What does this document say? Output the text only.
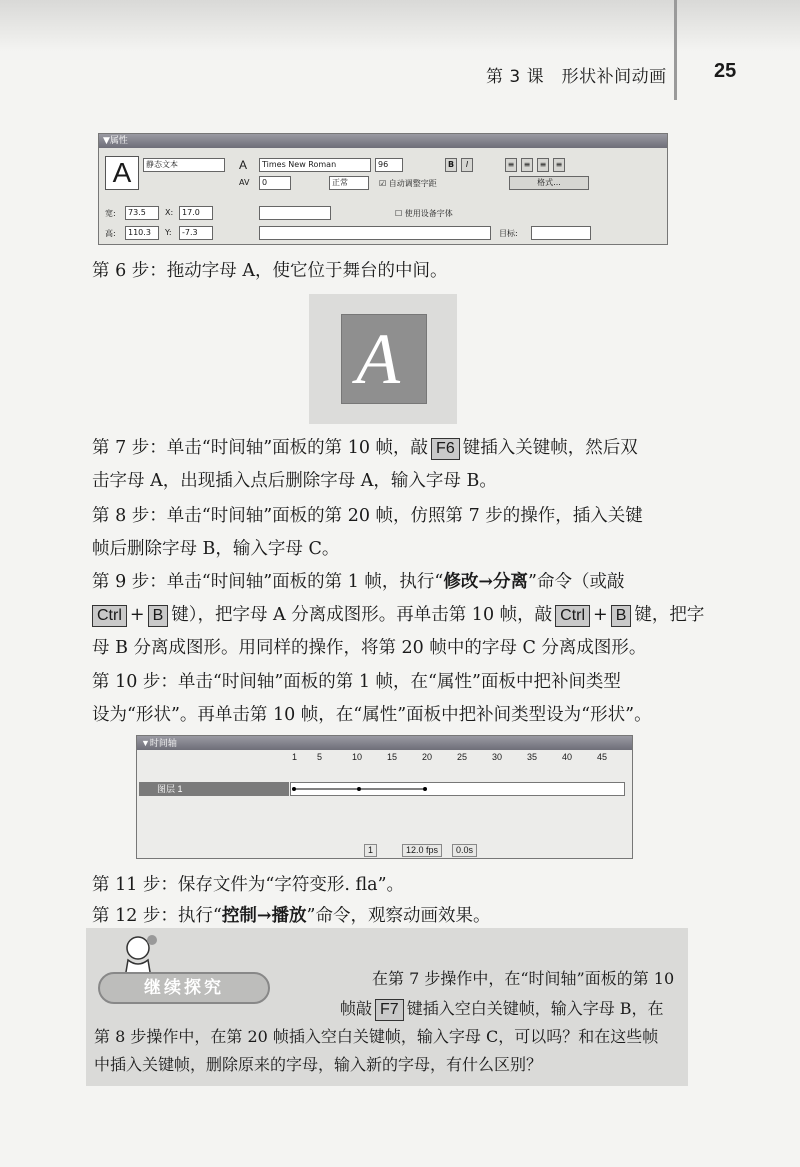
第 3 课　形状补间动画 25
▼属性
A	静态文本	A	Times New Roman	96	B	I	≡	≡	≡	≡
AV	0	正常	☑ 自动调整字距	格式...
宽:	73.5	X:	17.0
高:	110.3	Y:	-7.3
☐ 使用设备字体
目标:
第 6 步：拖动字母 A，使它位于舞台的中间。
A
第 7 步：单击“时间轴”面板的第 10 帧，敲 F6 键插入关键帧，然后双
击字母 A，出现插入点后删除字母 A，输入字母 B。
第 8 步：单击“时间轴”面板的第 20 帧，仿照第 7 步的操作，插入关键
帧后删除字母 B，输入字母 C。
第 9 步：单击“时间轴”面板的第 1 帧，执行“修改→分离”命令（或敲
Ctrl + B 键），把字母 A 分离成图形。再单击第 10 帧，敲 Ctrl + B 键，把字
母 B 分离成图形。用同样的操作，将第 20 帧中的字母 C 分离成图形。
第 10 步：单击“时间轴”面板的第 1 帧，在“属性”面板中把补间类型
设为“形状”。再单击第 10 帧，在“属性”面板中把补间类型设为“形状”。
▼时间轴
1 5	10	15	20	25	30	35	40	45
图层 1
1	12.0 fps	0.0s
第 11 步：保存文件为“字符变形. fla”。
第 12 步：执行“控制→播放”命令，观察动画效果。
继续探究	在第 7 步操作中，在“时间轴”面板的第 10
帧敲 F7 键插入空白关键帧，输入字母 B，在
第 8 步操作中，在第 20 帧插入空白关键帧，输入字母 C，可以吗？和在这些帧
中插入关键帧，删除原来的字母，输入新的字母，有什么区别？
